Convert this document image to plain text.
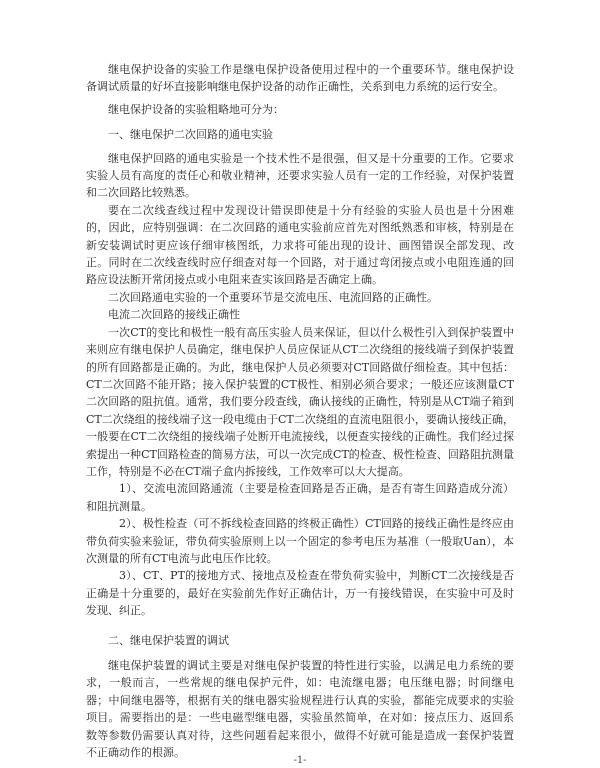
继电保护设备的实验工作是继电保护设备使用过程中的一个重要环节。继电保护设备调试质量的好坏直接影响继电保护设备的动作正确性，关系到电力系统的运行安全。

继电保护设备的实验粗略地可分为：

一、继电保护二次回路的通电实验

继电保护回路的通电实验是一个技术性不是很强，但又是十分重要的工作。它要求实验人员有高度的责任心和敬业精神，还要求实验人员有一定的工作经验，对保护装置和二次回路比较熟悉。

要在二次线查线过程中发现设计错误即使是十分有经验的实验人员也是十分困难的，因此，应特别强调：在二次回路的通电实验前应首先对图纸熟悉和审核，特别是在新安装调试时更应该仔细审核图纸，力求将可能出现的设计、画图错误全部发现、改正。同时在二次线查线时应仔细查对每一个回路，对于通过弯闭接点或小电阻连通的回路应设法断开常闭接点或小电阻来查实该回路是否确定上确。

二次回路通电实验的一个重要环节是交流电压、电流回路的正确性。

电流二次回路的接线正确性

一次CT的变比和极性一般有高压实验人员来保证，但以什么极性引入到保护装置中来则应有继电保护人员确定，继电保护人员应保证从CT二次绕组的接线端子到保护装置的所有回路都是正确的。为此，继电保护人员必须要对CT回路做仔细检查。其中包括：CT二次回路不能开路；接入保护装置的CT极性、相别必须合要求；一般还应该测量CT二次回路的阻抗值。通常，我们要分段查线，确认接线的正确性，特别是从CT端子箱到CT二次绕组的接线端子这一段电缆由于CT二次绕组的直流电阻很小，要确认接线正确，一般要在CT二次绕组的接线端子处断开电流接线，以便查实接线的正确性。我们经过探索提出一种CT回路检查的简易方法，可以一次完成CT的检查、极性检查、回路阻抗测量工作，特别是不必在CT端子盒内拆接线，工作效率可以大大提高。

1）、交流电流回路通流（主要是检查回路是否正确，是否有寄生回路造成分流）和阻抗测量。

2）、极性检查（可不拆线检查回路的终极正确性）CT回路的接线正确性是终应由带负荷实验来验证，带负荷实验原则上以一个固定的参考电压为基准（一般取Uan），本次测量的所有CT电流与此电压作比较。

3）、CT、PT的接地方式、接地点及检查在带负荷实验中，判断CT二次接线是否正确是十分重要的，最好在实验前先作好正确估计，万一有接线错误，在实验中可及时发现、纠正。

二、继电保护装置的调试

继电保护装置的调试主要是对继电保护装置的特性进行实验，以满足电力系统的要求，一般而言，一些常规的继电保护元件，如：电流继电器；电压继电器；时间继电器；中间继电器等，根据有关的继电器实验规程进行认真的实验，都能完成要求的实验项目。需要指出的是：一些电磁型继电器，实验虽然简单，在对如：接点压力、返回系数等参数仍需要认真对待，这些问题看起来很小，做得不好就可能是造成一套保护装置不正确动作的根源。

-1-
